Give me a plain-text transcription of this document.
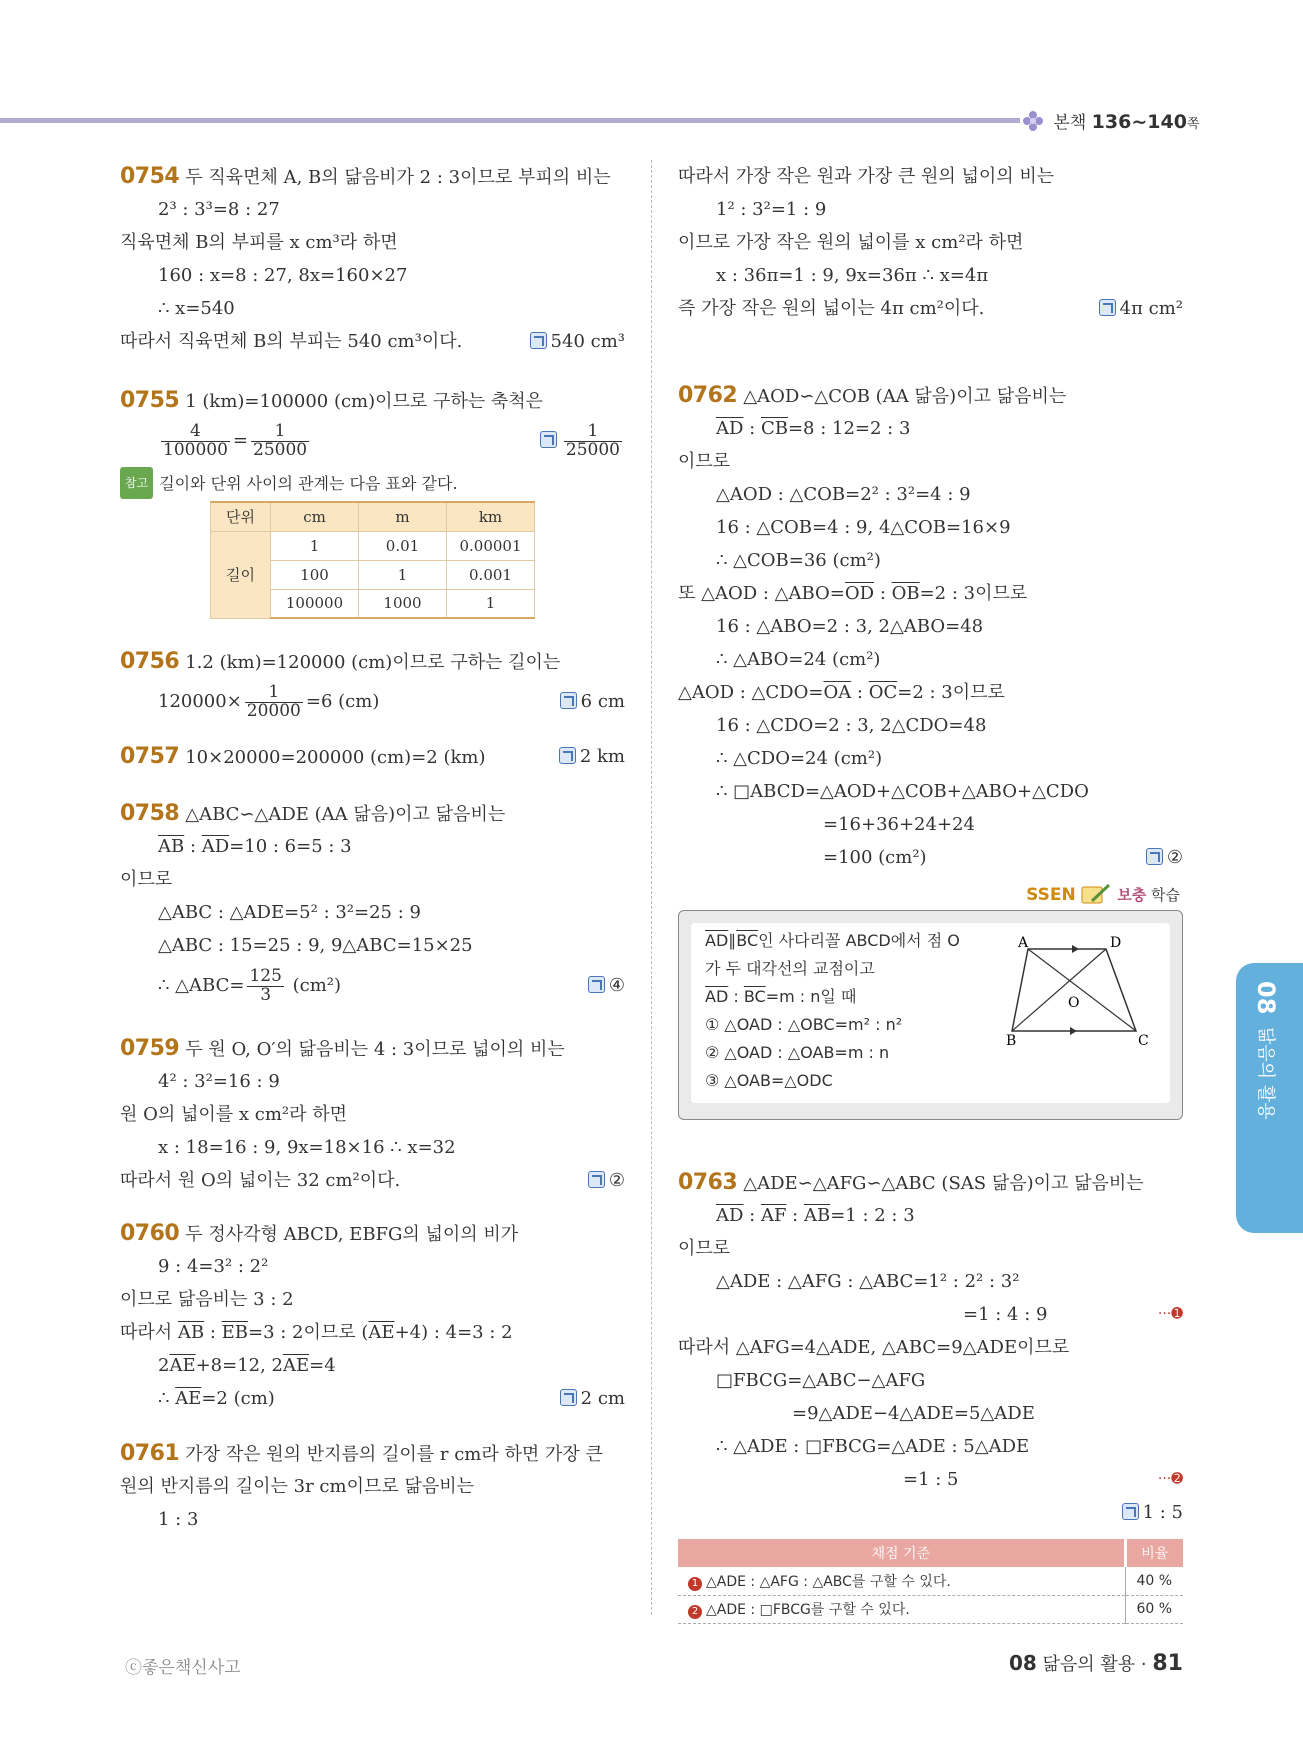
본책 136~140쪽
0754 두 직육면체 A, B의 닮음비가 2 : 3이므로 부피의 비는
2³ : 3³=8 : 27
직육면체 B의 부피를 x cm³라 하면
160 : x=8 : 27, 8x=160×27
∴ x=540
따라서 직육면체 B의 부피는 540 cm³이다.	540 cm³
0755 1 (km)=100000 (cm)이므로 구하는 축척은
$\frac{4}{100000} = \frac{1}{25000}$	$\frac{1}{25000}$
참고 길이와 단위 사이의 관계는 다음 표와 같다.
단위	cm	m	km
길이	1	0.01	0.00001
	100	1	0.001
	100000	1000	1
0756 1.2 (km)=120000 (cm)이므로 구하는 길이는
$120000\times \frac{1}{20000} =6$ (cm)	6 cm
0757 10×20000=200000 (cm)=2 (km)	2 km
0758 △ABC∽△ADE (AA 닮음)이고 닮음비는
$\overline{AB}$ : $\overline{AD}=10$ : 6=5 : 3
이므로
△ABC : △ADE=5² : 3²=25 : 9
△ABC : 15=25 : 9, 9△ABC=15×25
∴ △ABC= $\frac{125}{3} (cm^2)$	④
0759 두 원 O, O′의 닮음비는 4 : 3이므로 넓이의 비는
4² : 3²=16 : 9
원 O의 넓이를 x cm²라 하면
x : 18=16 : 9, 9x=18×16 ∴ x=32
따라서 원 O의 넓이는 32 cm²이다.	②
0760 두 정사각형 ABCD, EBFG의 넓이의 비가
9 : 4=3² : 2²
이므로 닮음비는 3 : 2
따라서 $\overline{AB}$ : $\overline{EB}=3$ : 2이므로 $(\overline{AE}+4)$ : 4=3 : 2
$2\overline{AE}+8=12$, $2\overline{AE}=4$
∴ $\overline{AE}=2$ (cm)	2 cm
0761 가장 작은 원의 반지름의 길이를 r cm라 하면 가장 큰
원의 반지름의 길이는 3r cm이므로 닮음비는
1 : 3
따라서 가장 작은 원과 가장 큰 원의 넓이의 비는
1² : 3²=1 : 9
이므로 가장 작은 원의 넓이를 x cm²라 하면
x : 36π=1 : 9, 9x=36π ∴ x=4π
즉 가장 작은 원의 넓이는 4π cm²이다.	4π cm²
0762 △AOD∽△COB (AA 닮음)이고 닮음비는
$\overline{AD}$ : $\overline{CB}=8$ : 12=2 : 3
이므로
△AOD : △COB=2² : 3²=4 : 9
16 : △COB=4 : 9, 4△COB=16×9
∴ △COB=36 (cm²)
또 △AOD : $\triangle ABO=\overline{OD}$ : $\overline{OB}=2$ : 3이므로
16 : △ABO=2 : 3, 2△ABO=48
∴ △ABO=24 (cm²)
△AOD : $\triangle CDO=\overline{OA}$ : $\overline{OC}=2$ : 3이므로
16 : △CDO=2 : 3, 2△CDO=48
∴ △CDO=24 (cm²)
∴ □ABCD=△AOD+△COB+△ABO+△CDO
=16+36+24+24
=100 (cm²)	②
SSEN	보충 학습
$\overline{AD}\parallel\overline{BC}$인 사다리꼴 ABCD에서 점 O
가 두 대각선의 교점이고
$\overline{AD}$ : $\overline{BC}=m$ : n일 때
① △OAD : △OBC=m² : n²
② △OAD : △OAB=m : n
③ △OAB=△ODC
A	D
B	C
O
0763 △ADE∽△AFG∽△ABC (SAS 닮음)이고 닮음비는
$\overline{AD}$ : $\overline{AF}$ : $\overline{AB}=1$ : 2 : 3
이므로
△ADE : △AFG : △ABC=1² : 2² : 3²
=1 : 4 : 9	···➊
따라서 △AFG=4△ADE, △ABC=9△ADE이므로
□FBCG=△ABC−△AFG
=9△ADE−4△ADE=5△ADE
∴ △ADE : □FBCG=△ADE : 5△ADE
=1 : 5	···➋
1 : 5
채점 기준	비율
1 △ADE : △AFG : △ABC를 구할 수 있다.	40 %
2 △ADE : □FBCG를 구할 수 있다.	60 %
08
닮음의 활용
ⓒ좋은책신사고	08 닮음의 활용 · 81
